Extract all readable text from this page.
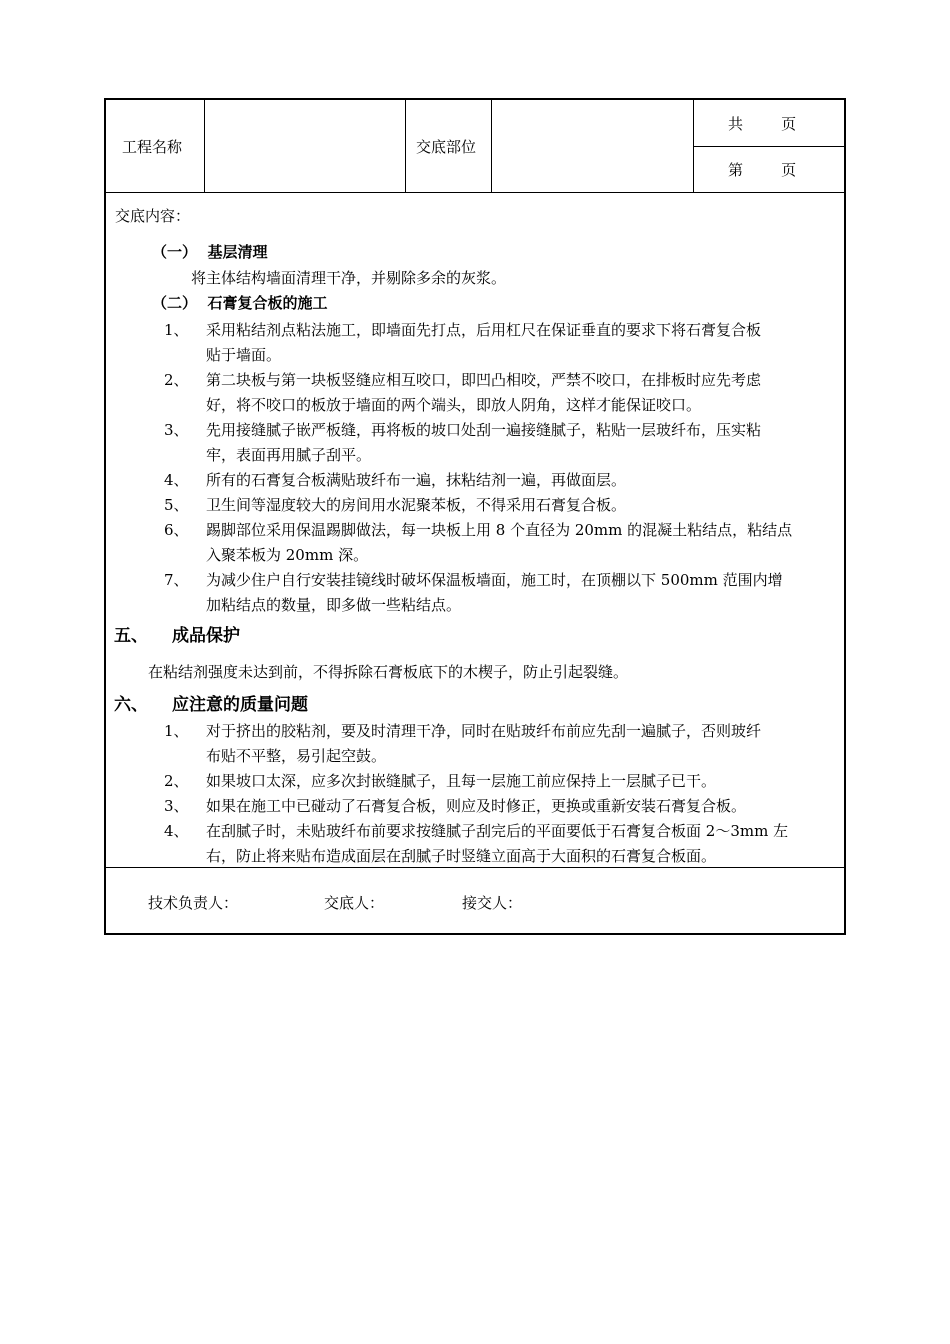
工程名称	交底部位
共        页
第        页
交底内容：
（一）  基层清理
将主体结构墙面清理干净，并剔除多余的灰浆。
（二）  石膏复合板的施工
1、 采用粘结剂点粘法施工，即墙面先打点，后用杠尺在保证垂直的要求下将石膏复合板
贴于墙面。
2、 第二块板与第一块板竖缝应相互咬口，即凹凸相咬，严禁不咬口，在排板时应先考虑
好，将不咬口的板放于墙面的两个端头，即放人阴角，这样才能保证咬口。
3、 先用接缝腻子嵌严板缝，再将板的坡口处刮一遍接缝腻子，粘贴一层玻纤布，压实粘
牢，表面再用腻子刮平。
4、 所有的石膏复合板满贴玻纤布一遍，抹粘结剂一遍，再做面层。
5、 卫生间等湿度较大的房间用水泥聚苯板，不得采用石膏复合板。
6、 踢脚部位采用保温踢脚做法，每一块板上用 8 个直径为 20mm 的混凝土粘结点，粘结点
入聚苯板为 20mm 深。
7、 为减少住户自行安装挂镜线时破坏保温板墙面，施工时，在顶棚以下 500mm 范围内增
加粘结点的数量，即多做一些粘结点。
五、 成品保护
在粘结剂强度未达到前，不得拆除石膏板底下的木楔子，防止引起裂缝。
六、 应注意的质量问题
1、 对于挤出的胶粘剂，要及时清理干净，同时在贴玻纤布前应先刮一遍腻子，否则玻纤
布贴不平整，易引起空鼓。
2、 如果坡口太深，应多次封嵌缝腻子，且每一层施工前应保持上一层腻子已干。
3、 如果在施工中已碰动了石膏复合板，则应及时修正，更换或重新安装石膏复合板。
4、 在刮腻子时，未贴玻纤布前要求按缝腻子刮完后的平面要低于石膏复合板面 2～3mm 左
右，防止将来贴布造成面层在刮腻子时竖缝立面高于大面积的石膏复合板面。
技术负责人：	交底人：	接交人：
